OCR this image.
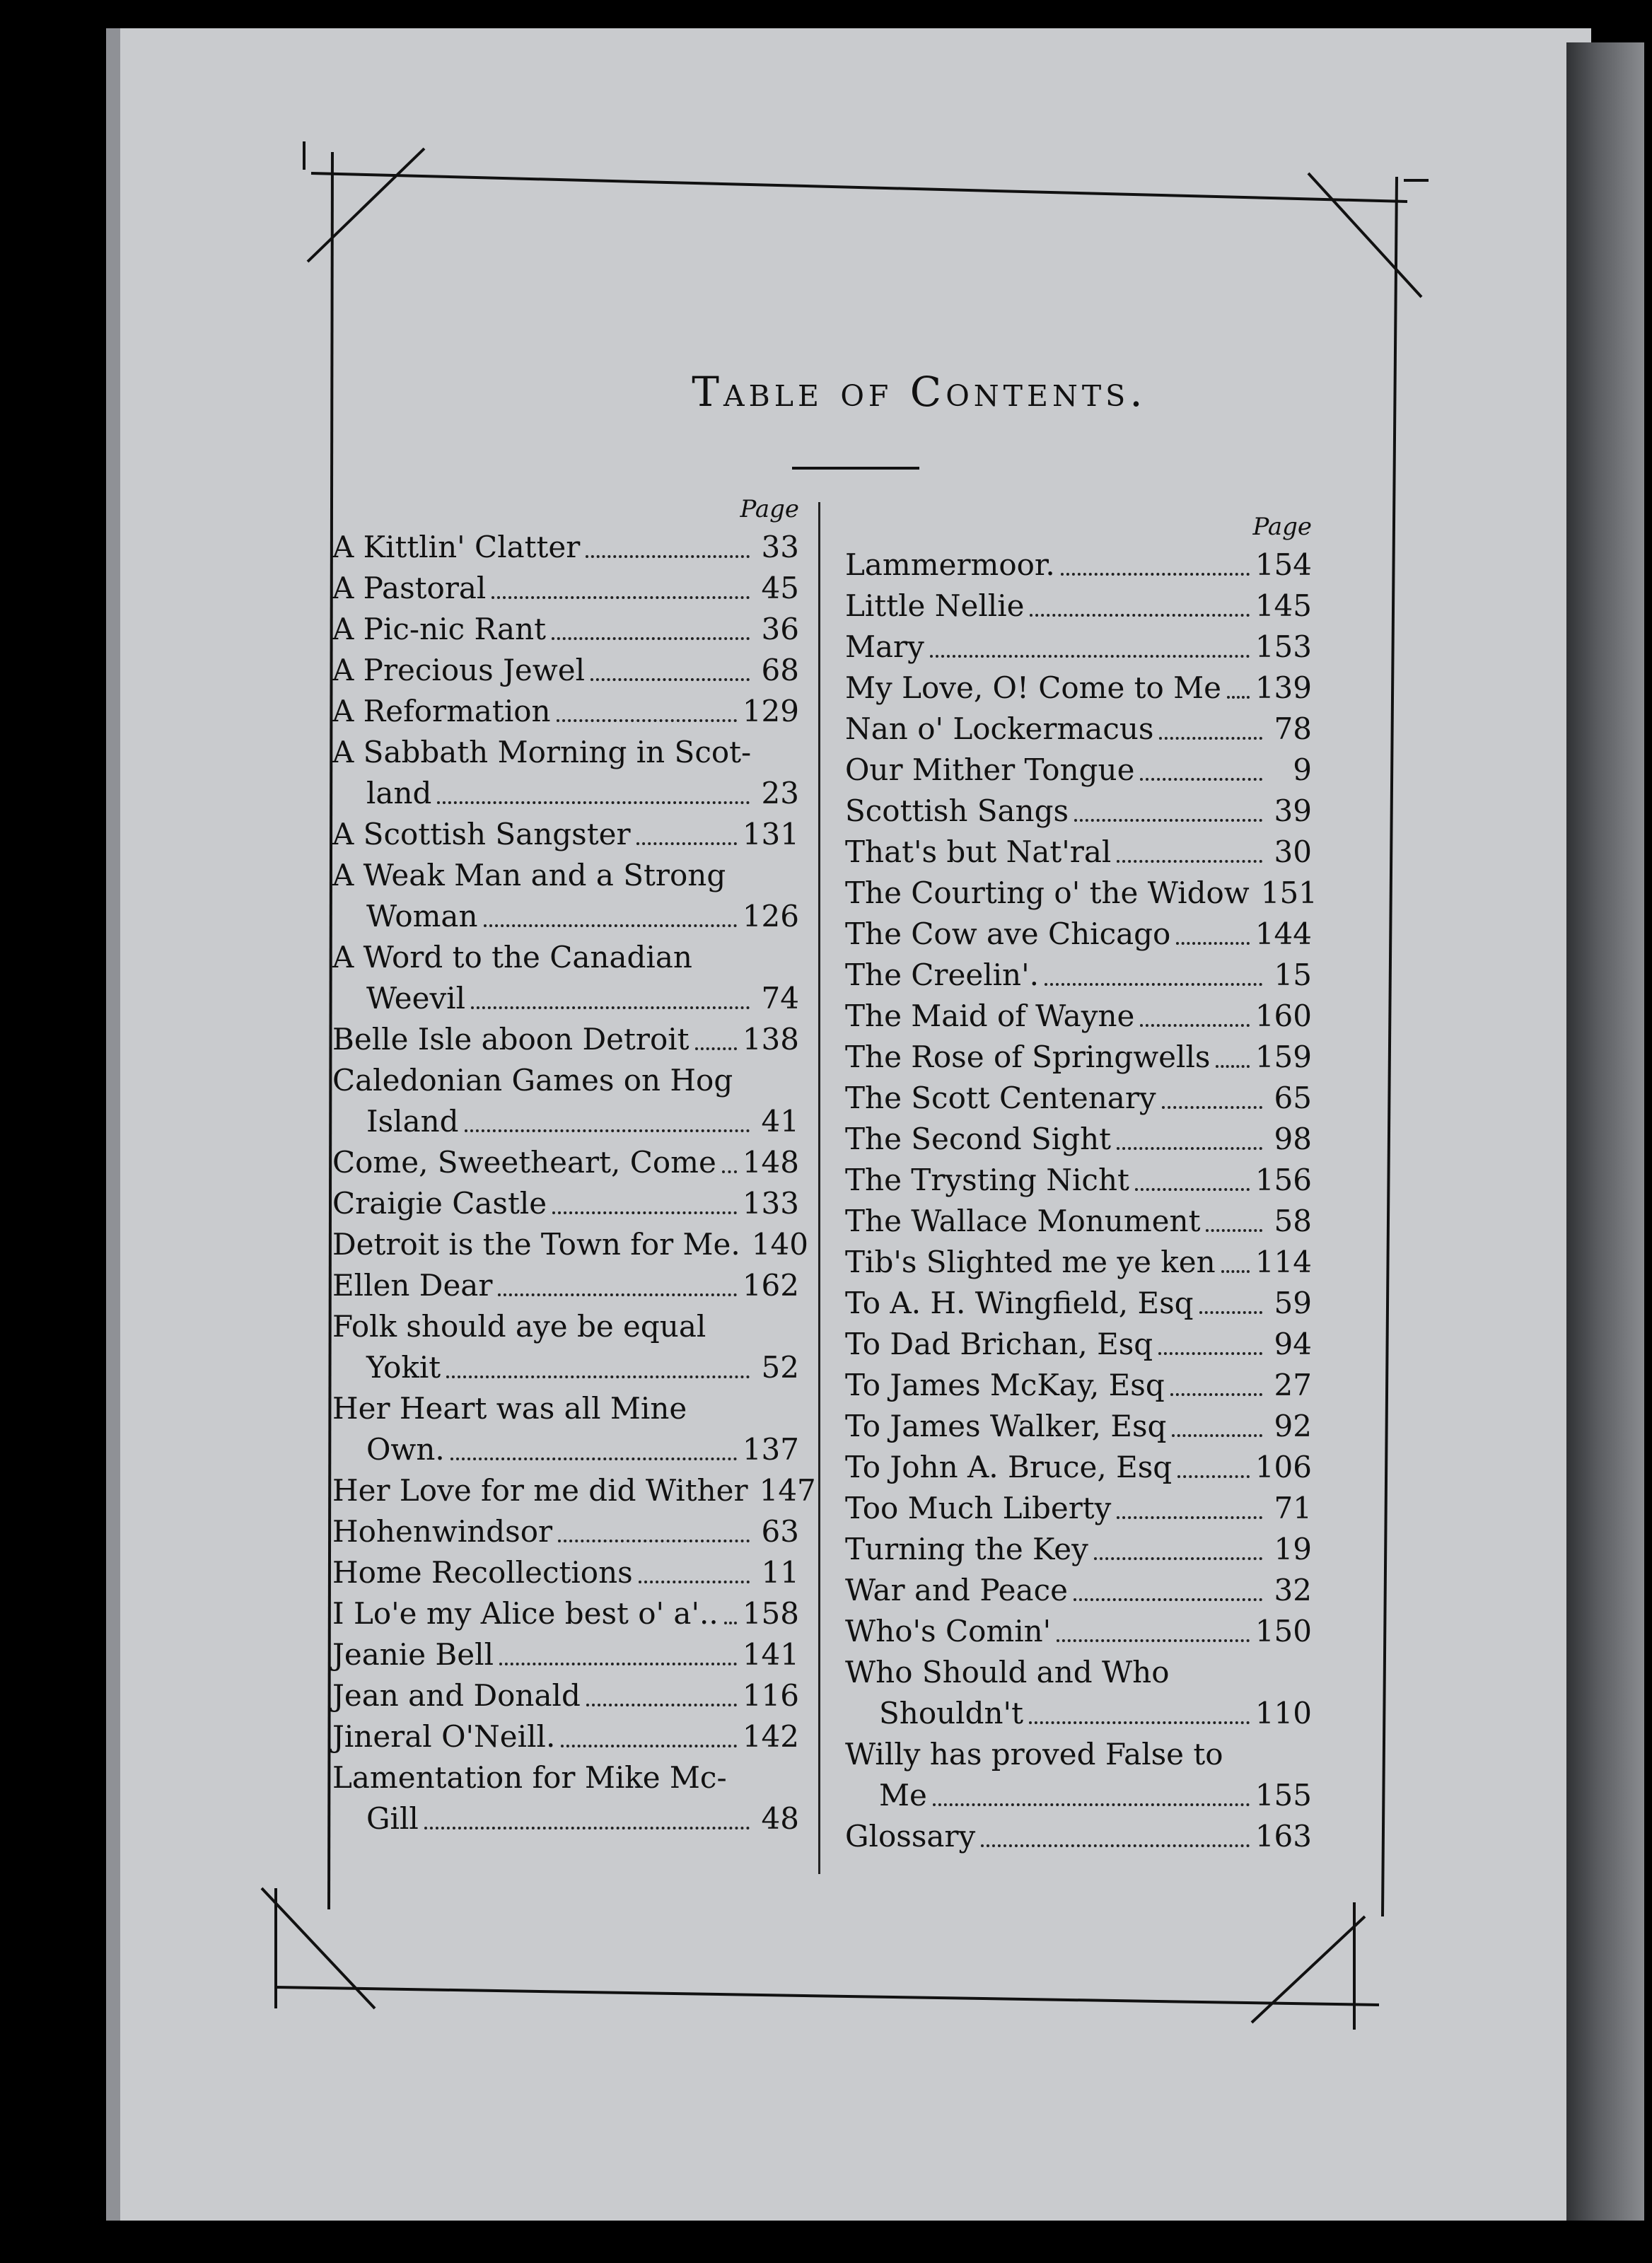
Table of Contents.
Page
A Kittlin' Clatter	33
A Pastoral	45
A Pic-nic Rant	36
A Precious Jewel	68
A Reformation	129
A Sabbath Morning in Scot-
land	23
A Scottish Sangster	131
A Weak Man and a Strong
Woman	126
A Word to the Canadian
Weevil	74
Belle Isle aboon Detroit 138
Caledonian Games on Hog
Island	41
Come, Sweetheart, Come 148
Craigie Castle	133
Detroit is the Town for Me. 140
Ellen Dear	162
Folk should aye be equal
Yokit	52
Her Heart was all Mine
Own.	137
Her Love for me did Wither 147
Hohenwindsor	63
Home Recollections	11
I Lo'e my Alice best o' a'.. 158
Jeanie Bell	141
Jean and Donald	116
Jineral O'Neill.	142
Lamentation for Mike Mc-
Gill	48
Page
Lammermoor.	154
Little Nellie	145
Mary	153
My Love, O! Come to Me 139
Nan o' Lockermacus	78
Our Mither Tongue	9
Scottish Sangs	39
That's but Nat'ral	30
The Courting o' the Widow 151
The Cow ave Chicago	144
The Creelin'.	15
The Maid of Wayne	160
The Rose of Springwells 159
The Scott Centenary	65
The Second Sight	98
The Trysting Nicht	156
The Wallace Monument 58
Tib's Slighted me ye ken 114
To A. H. Wingfield, Esq	59
To Dad Brichan, Esq	94
To James McKay, Esq	27
To James Walker, Esq	92
To John A. Bruce, Esq	106
Too Much Liberty	71
Turning the Key	19
War and Peace	32
Who's Comin'	150
Who Should and Who
Shouldn't	110
Willy has proved False to
Me	155
Glossary	163
